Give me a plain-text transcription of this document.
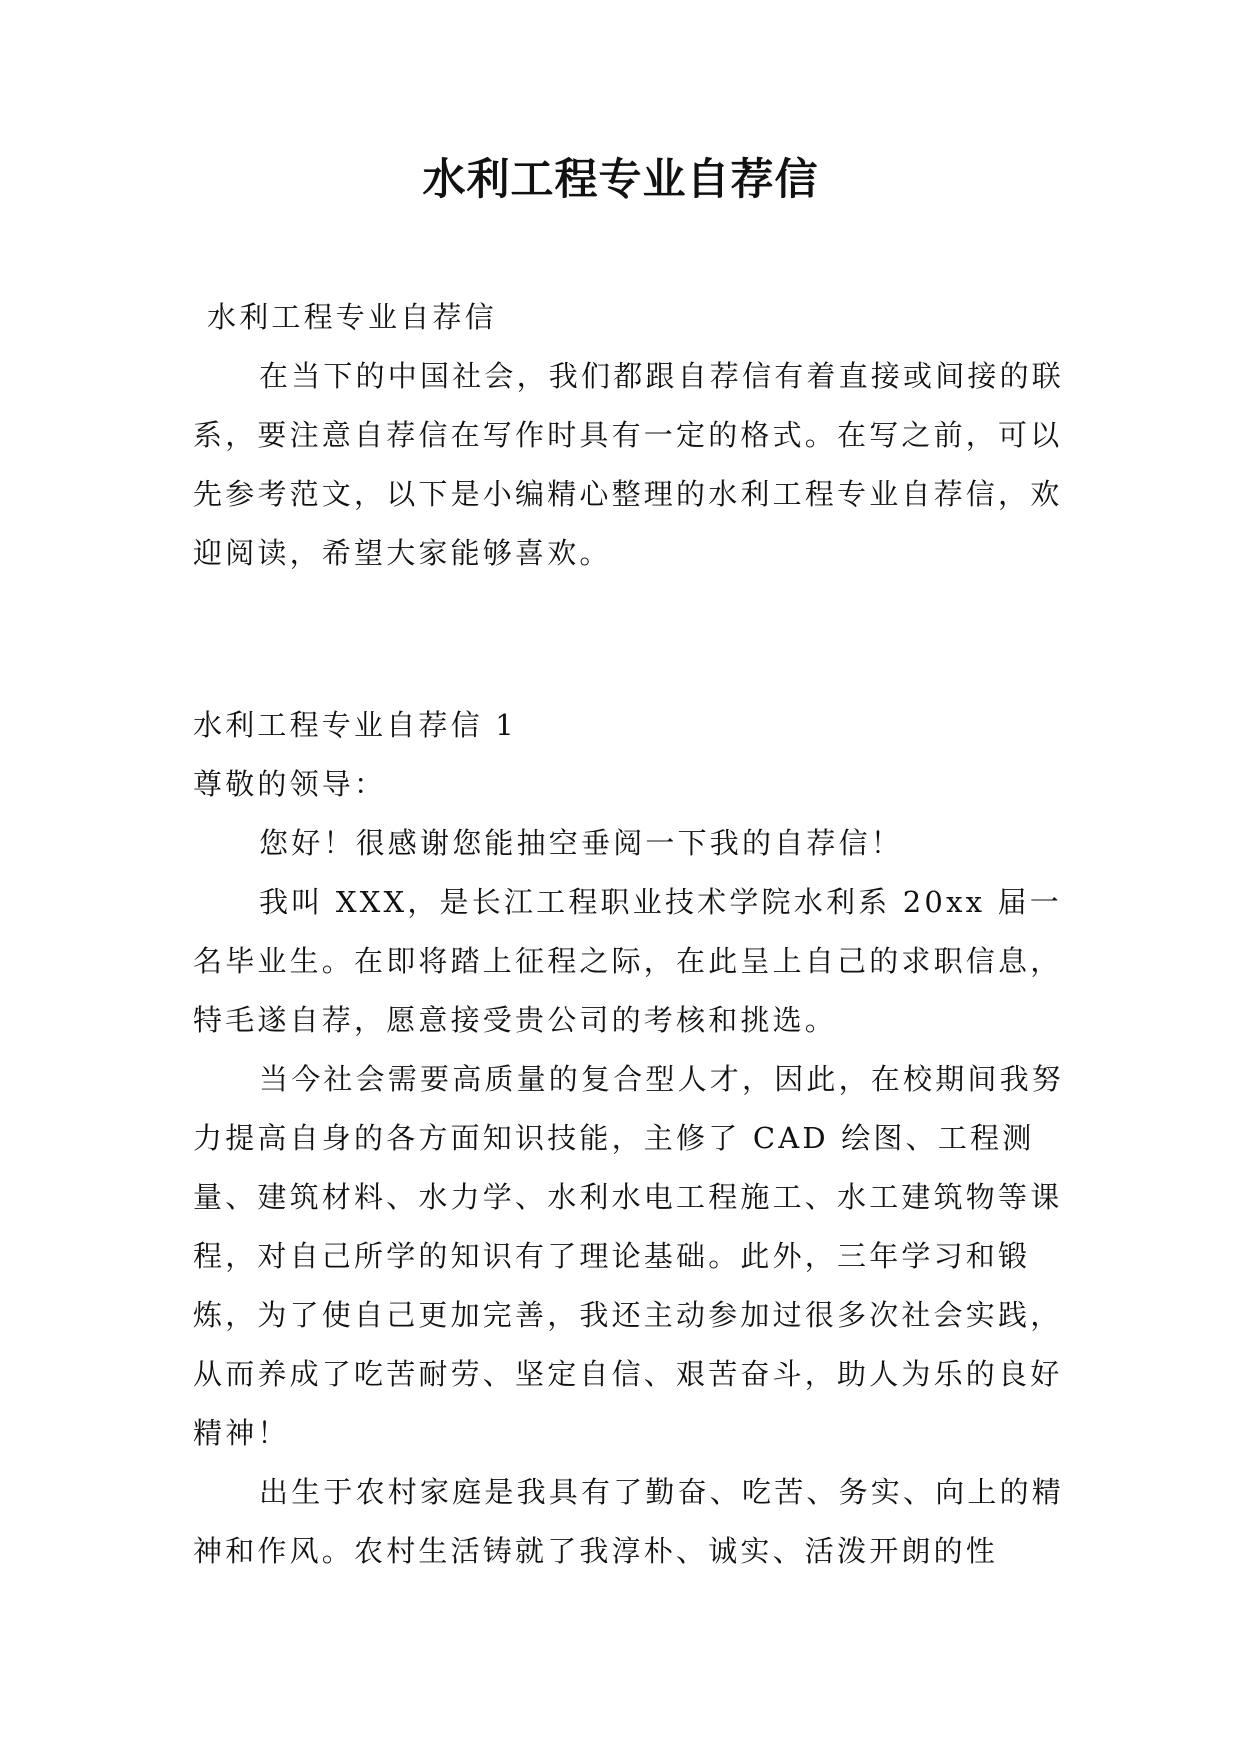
水利工程专业自荐信

水利工程专业自荐信

在当下的中国社会，我们都跟自荐信有着直接或间接的联系，要注意自荐信在写作时具有一定的格式。在写之前，可以先参考范文，以下是小编精心整理的水利工程专业自荐信，欢迎阅读，希望大家能够喜欢。

水利工程专业自荐信 1

尊敬的领导：

您好！很感谢您能抽空垂阅一下我的自荐信！

我叫 XXX，是长江工程职业技术学院水利系 20xx 届一名毕业生。在即将踏上征程之际，在此呈上自己的求职信息，特毛遂自荐，愿意接受贵公司的考核和挑选。

当今社会需要高质量的复合型人才，因此，在校期间我努力提高自身的各方面知识技能，主修了 CAD 绘图、工程测量、建筑材料、水力学、水利水电工程施工、水工建筑物等课程，对自己所学的知识有了理论基础。此外，三年学习和锻炼，为了使自己更加完善，我还主动参加过很多次社会实践，从而养成了吃苦耐劳、坚定自信、艰苦奋斗，助人为乐的良好精神！

出生于农村家庭是我具有了勤奋、吃苦、务实、向上的精神和作风。农村生活铸就了我淳朴、诚实、活泼开朗的性
